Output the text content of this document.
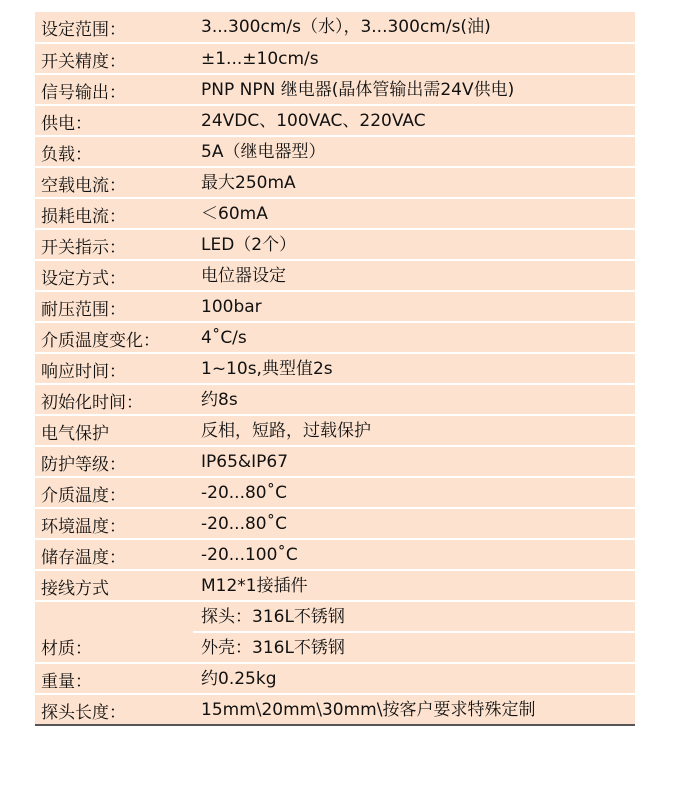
设定范围：	3...300cm/s（水），3...300cm/s(油)
开关精度：	±1...±10cm/s
信号输出：	PNP NPN 继电器(晶体管输出需24V供电)
供电：	24VDC、100VAC、220VAC
负载：	5A（继电器型）
空载电流：	最大250mA
损耗电流：	＜60mA
开关指示：	LED（2个）
设定方式：	电位器设定
耐压范围：	100bar
介质温度变化：	4˚C/s
响应时间：	1~10s,典型值2s
初始化时间：	约8s
电气保护	反相，短路，过载保护
防护等级：	IP65&IP67
介质温度：	-20...80˚C
环境温度：	-20...80˚C
储存温度：	-20...100˚C
接线方式	M12*1接插件
材质：	探头：316L不锈钢
	外壳：316L不锈钢
重量：	约0.25kg
探头长度：	15mm\20mm\30mm\按客户要求特殊定制
